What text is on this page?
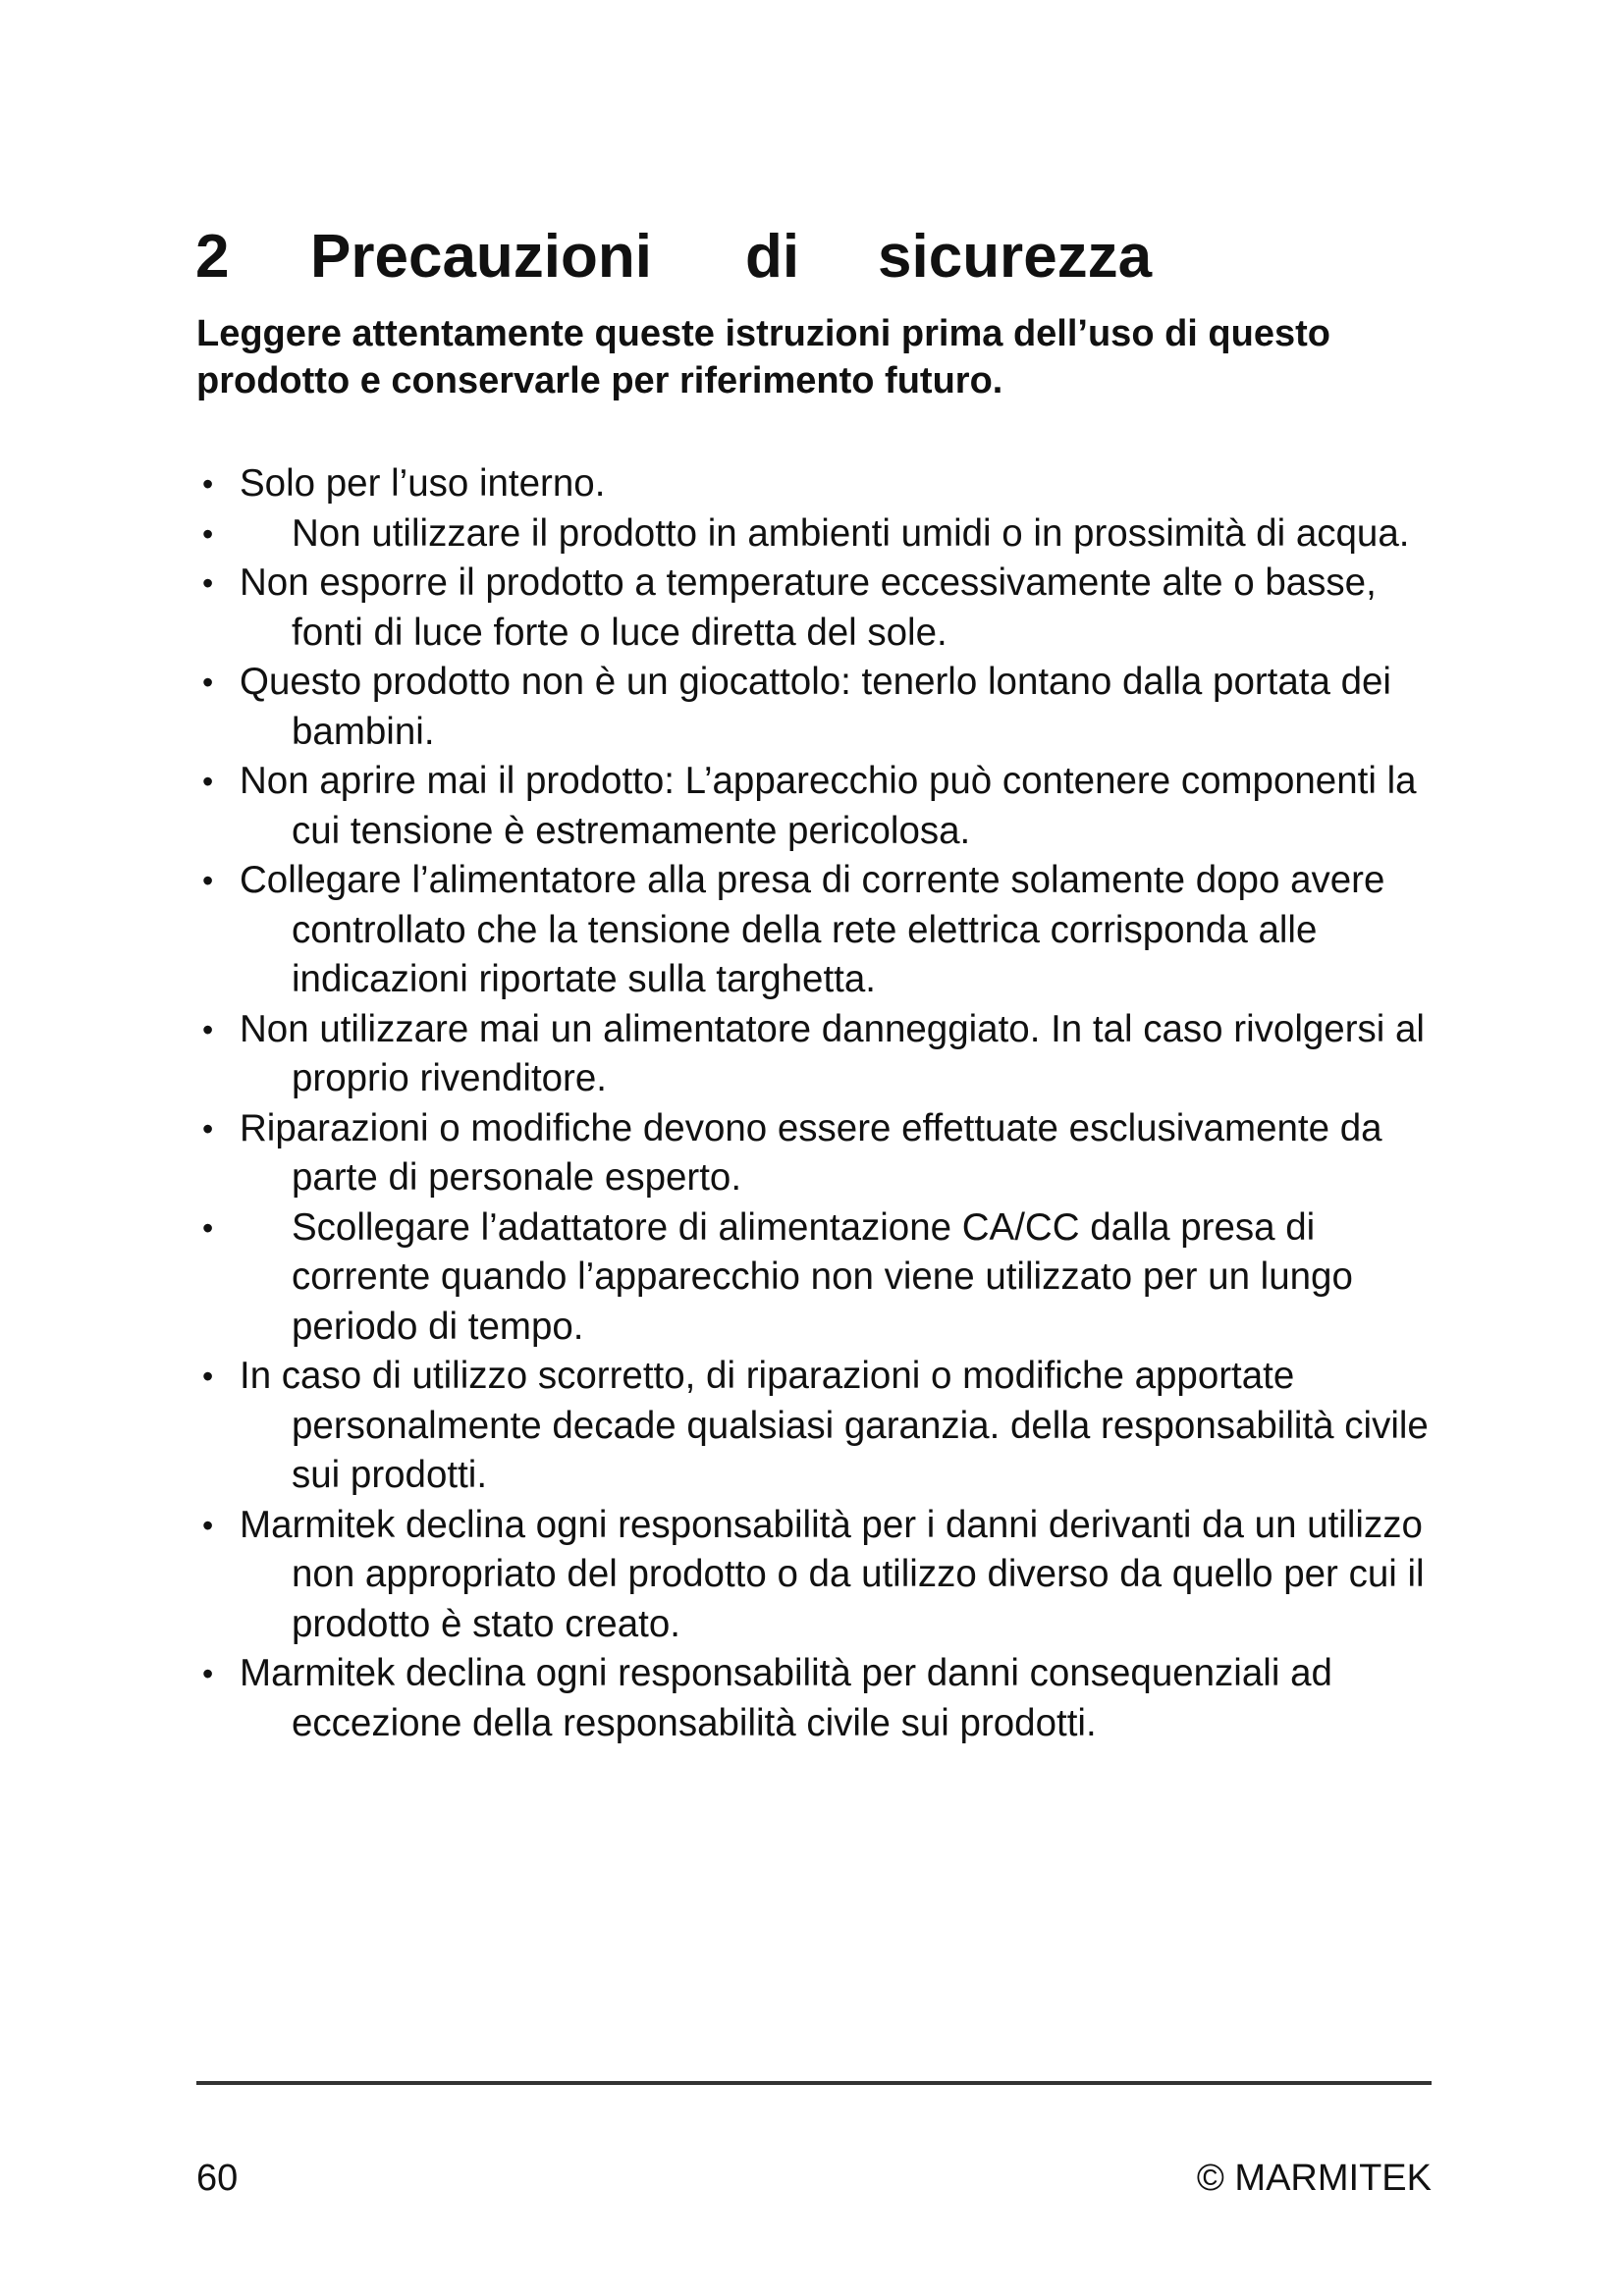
2 Precauzioni di sicurezza
Leggere attentamente queste istruzioni prima dell’uso di questo prodotto e conservarle per riferimento futuro.
• Solo per l’uso interno.
• Non utilizzare il prodotto in ambienti umidi o in prossimità di acqua.
• Non esporre il prodotto a temperature eccessivamente alte o basse, fonti di luce forte o luce diretta del sole.
• Questo prodotto non è un giocattolo: tenerlo lontano dalla portata dei bambini.
• Non aprire mai il prodotto: L’apparecchio può contenere componenti la cui tensione è estremamente pericolosa.
• Collegare l’alimentatore alla presa di corrente solamente dopo avere controllato che la tensione della rete elettrica corrisponda alle indicazioni riportate sulla targhetta.
• Non utilizzare mai un alimentatore danneggiato. In tal caso rivolgersi al proprio rivenditore.
• Riparazioni o modifiche devono essere effettuate esclusivamente da parte di personale esperto.
• Scollegare l’adattatore di alimentazione CA/CC dalla presa di corrente quando l’apparecchio non viene utilizzato per un lungo periodo di tempo.
• In caso di utilizzo scorretto, di riparazioni o modifiche apportate personalmente decade qualsiasi garanzia. della responsabilità civile sui prodotti.
• Marmitek declina ogni responsabilità per i danni derivanti da un utilizzo non appropriato del prodotto o da utilizzo diverso da quello per cui il prodotto è stato creato.
• Marmitek declina ogni responsabilità per danni consequenziali ad eccezione della responsabilità civile sui prodotti.
60	© MARMITEK
